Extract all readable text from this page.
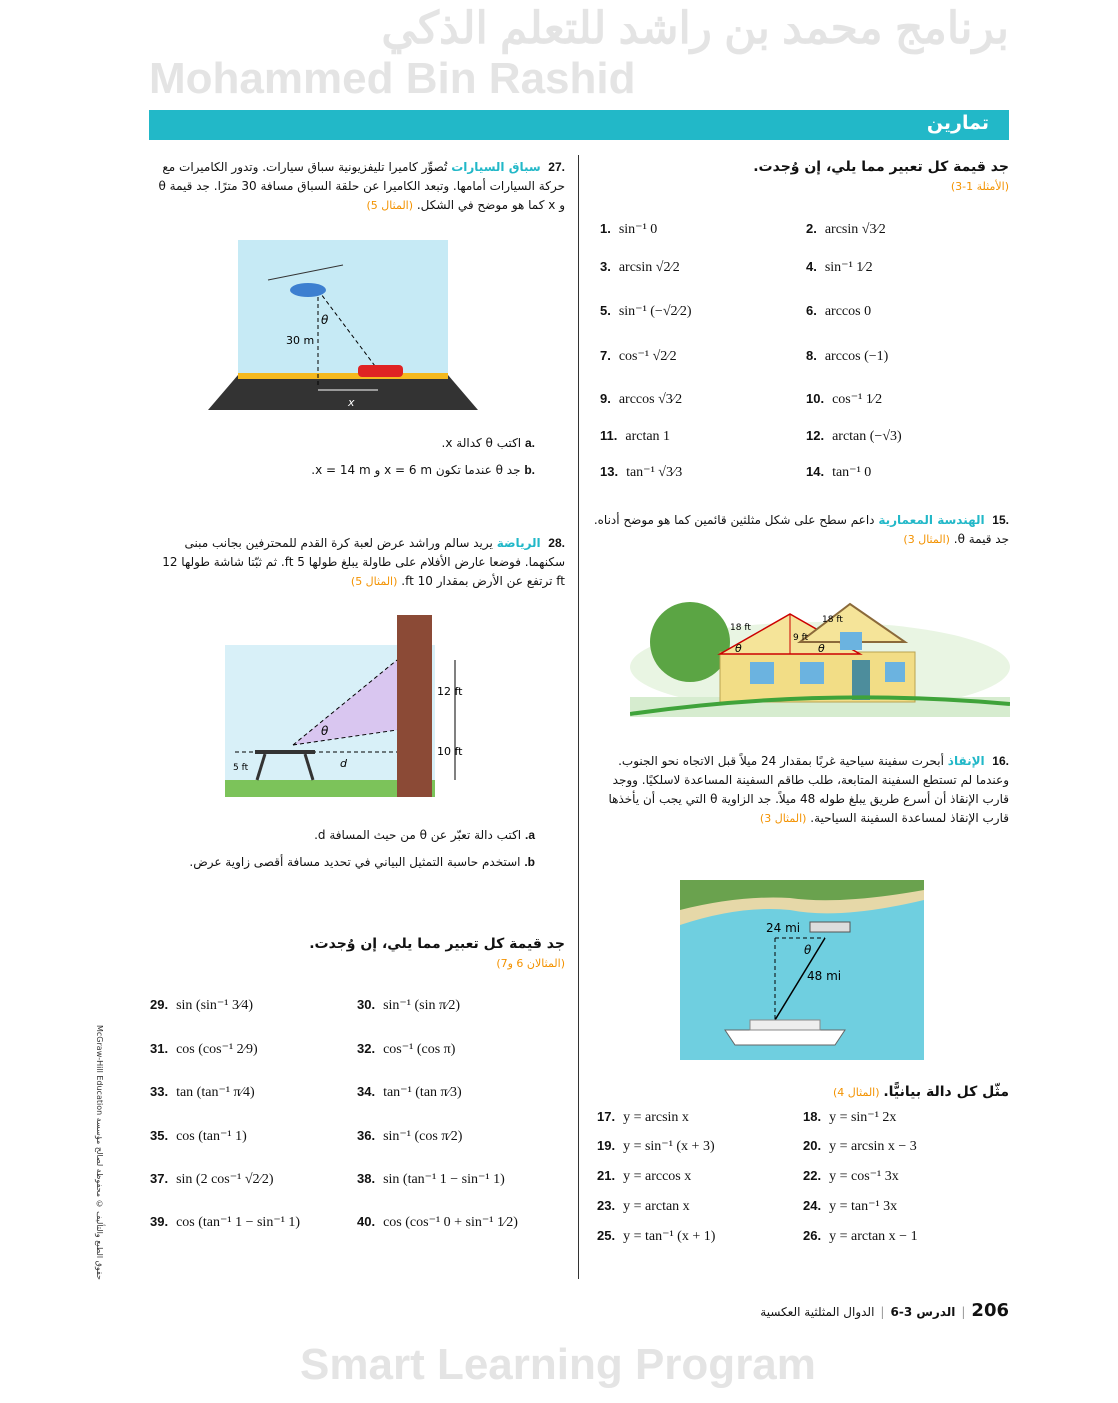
برنامج محمد بن راشد للتعلم الذكي
Mohammed Bin Rashid
Smart Learning Program
تمارين
جد قيمة كل تعبير مما يلي، إن وُجدت.
(الأمثلة 1-3)
.15  الهندسة المعمارية داعم سطح على شكل مثلثين قائمين كما هو موضح أدناه. جد قيمة θ. (المثال 3)
18 ft
18 ft
9 ft
θ	θ
.16  الإنقاذ أبحرت سفينة سياحية غربًا بمقدار 24 ميلاً قبل الاتجاه نحو الجنوب. وعندما لم تستطع السفينة المتابعة، طلب طاقم السفينة المساعدة لاسلكيًا. ووجد قارب الإنقاذ أن أسرع طريق يبلغ طوله 48 ميلاً. جد الزاوية θ التي يجب أن يأخذها قارب الإنقاذ لمساعدة السفينة السياحية. (المثال 3)
24 mi
48 mi
θ
مثّل كل دالة بيانيًّا. (المثال 4)
.27  سباق السيارات تُصوِّر كاميرا تليفزيونية سباق سيارات. وتدور الكاميرات مع حركة السيارات أمامها. وتبعد الكاميرا عن حلقة السباق مسافة 30 مترًا. جد قيمة θ و x كما هو موضح في الشكل. (المثال 5)
30 m
x
θ
.a اكتب θ كدالة x.
.b جد θ عندما تكون x = 6 m و x = 14 m.
.28  الرياضة يريد سالم وراشد عرض لعبة كرة القدم للمحترفين بجانب مبنى سكنهما. فوضعا عارض الأفلام على طاولة يبلغ طولها 5 ft. ثم ثبّتا شاشة طولها 12 ft ترتفع عن الأرض بمقدار 10 ft. (المثال 5)
12 ft
10 ft
5 ft	d
θ
a. اكتب دالة تعبّر عن θ من حيث المسافة d.
b. استخدم حاسبة التمثيل البياني في تحديد مسافة أقصى زاوية عرض.
جد قيمة كل تعبير مما يلي، إن وُجدت.
(المثالان 6 و7)
حقوق الطبع والتأليف © محفوظة لصالح مؤسسة McGraw-Hill Education
206|الدرس 3-6|الدوال المثلثية العكسية
1. sin⁻¹ 0	2. arcsin √3⁄2
3. arcsin √2⁄2	4. sin⁻¹ 1⁄2
5. sin⁻¹ (−√2⁄2)	6. arccos 0
7. cos⁻¹ √2⁄2	8. arccos (−1)
9. arccos √3⁄2	10. cos⁻¹ 1⁄2
11. arctan 1	12. arctan (−√3)
13. tan⁻¹ √3⁄3	14. tan⁻¹ 0
17. y = arcsin x	18. y = sin⁻¹ 2x
19. y = sin⁻¹ (x + 3)	20. y = arcsin x − 3
21. y = arccos x	22. y = cos⁻¹ 3x
23. y = arctan x	24. y = tan⁻¹ 3x
25. y = tan⁻¹ (x + 1)	26. y = arctan x − 1
29. sin (sin⁻¹ 3⁄4)	30. sin⁻¹ (sin π⁄2)
31. cos (cos⁻¹ 2⁄9)	32. cos⁻¹ (cos π)
33. tan (tan⁻¹ π⁄4)	34. tan⁻¹ (tan π⁄3)
35. cos (tan⁻¹ 1)	36. sin⁻¹ (cos π⁄2)
37. sin (2 cos⁻¹ √2⁄2)	38. sin (tan⁻¹ 1 − sin⁻¹ 1)
39. cos (tan⁻¹ 1 − sin⁻¹ 1)	40. cos (cos⁻¹ 0 + sin⁻¹ 1⁄2)
